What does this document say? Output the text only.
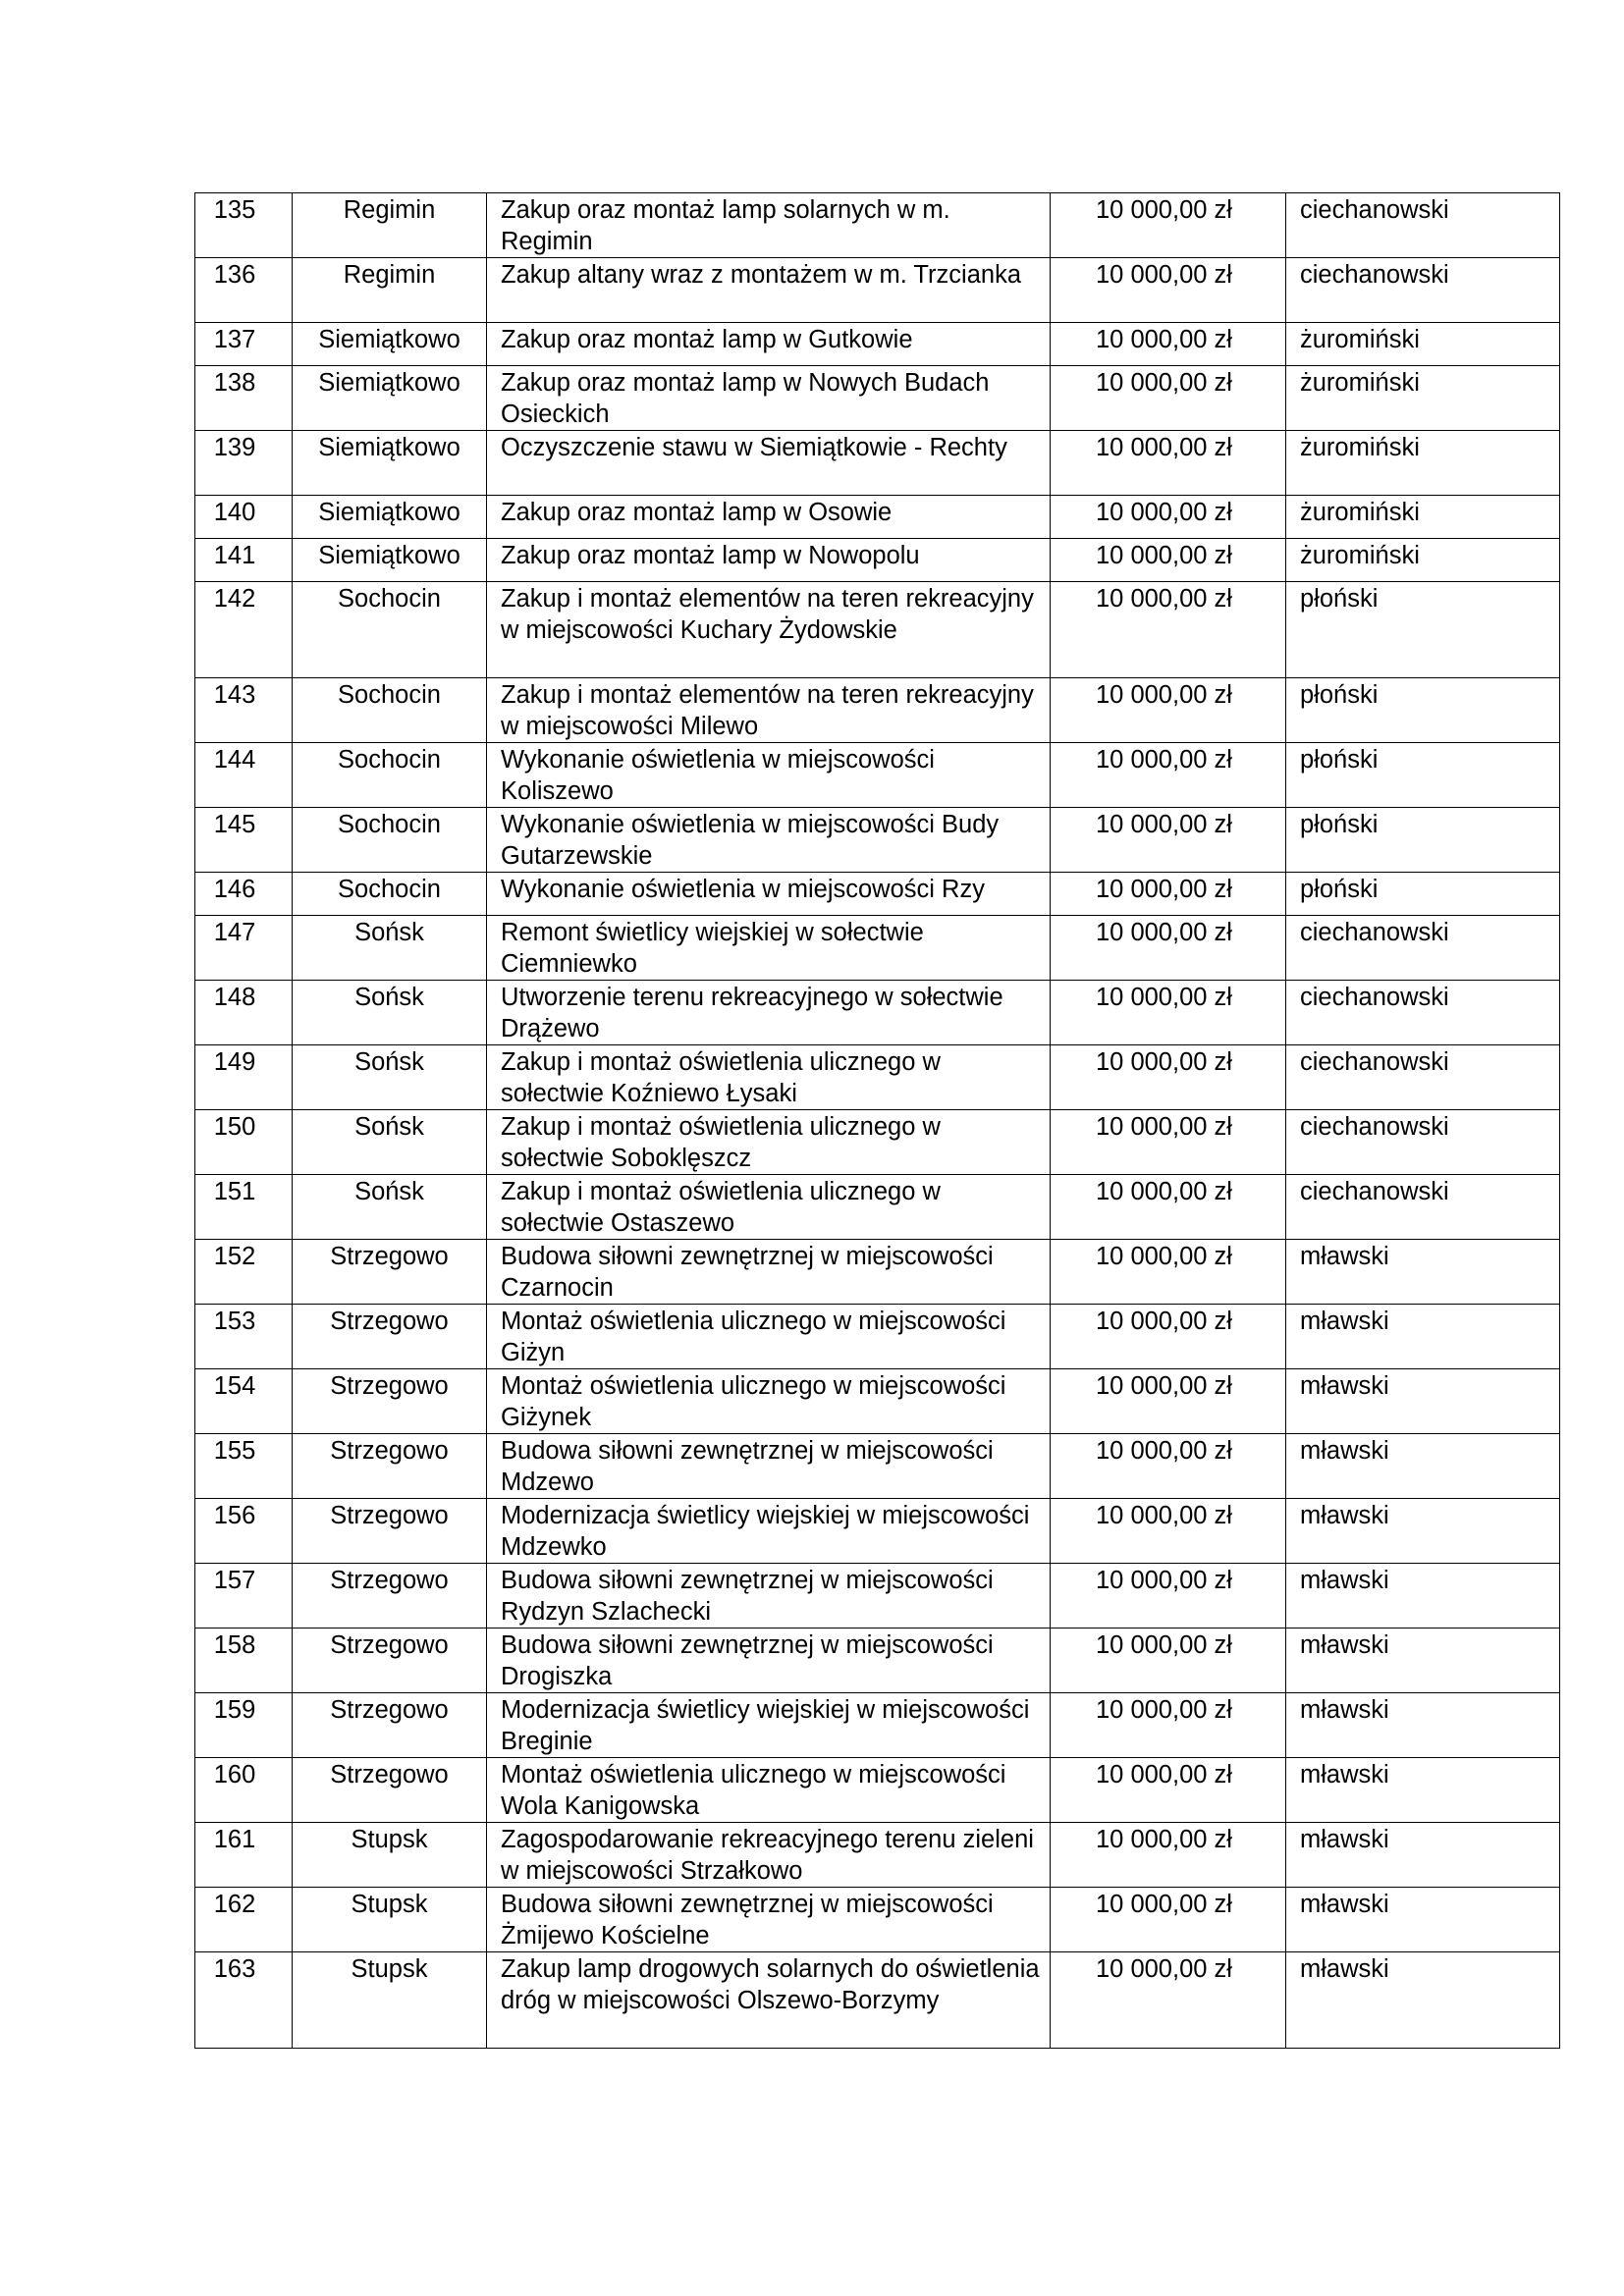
135	Regimin	Zakup oraz montaż lamp solarnych w m. Regimin	10 000,00 zł	ciechanowski
136	Regimin	Zakup altany wraz z montażem w m. Trzcianka	10 000,00 zł	ciechanowski
137	Siemiątkowo	Zakup oraz montaż lamp w Gutkowie	10 000,00 zł	żuromiński
138	Siemiątkowo	Zakup oraz montaż lamp w Nowych Budach Osieckich	10 000,00 zł	żuromiński
139	Siemiątkowo	Oczyszczenie stawu w Siemiątkowie - Rechty	10 000,00 zł	żuromiński
140	Siemiątkowo	Zakup oraz montaż lamp w Osowie	10 000,00 zł	żuromiński
141	Siemiątkowo	Zakup oraz montaż lamp w Nowopolu	10 000,00 zł	żuromiński
142	Sochocin	Zakup i montaż elementów na teren rekreacyjny w miejscowości Kuchary Żydowskie	10 000,00 zł	płoński
143	Sochocin	Zakup i montaż elementów na teren rekreacyjny w miejscowości Milewo	10 000,00 zł	płoński
144	Sochocin	Wykonanie oświetlenia w miejscowości Koliszewo	10 000,00 zł	płoński
145	Sochocin	Wykonanie oświetlenia w miejscowości Budy Gutarzewskie	10 000,00 zł	płoński
146	Sochocin	Wykonanie oświetlenia w miejscowości Rzy	10 000,00 zł	płoński
147	Sońsk	Remont świetlicy wiejskiej w sołectwie Ciemniewko	10 000,00 zł	ciechanowski
148	Sońsk	Utworzenie terenu rekreacyjnego w sołectwie Drążewo	10 000,00 zł	ciechanowski
149	Sońsk	Zakup i montaż oświetlenia ulicznego w sołectwie Koźniewo Łysaki	10 000,00 zł	ciechanowski
150	Sońsk	Zakup i montaż oświetlenia ulicznego w sołectwie Soboklęszcz	10 000,00 zł	ciechanowski
151	Sońsk	Zakup i montaż oświetlenia ulicznego w sołectwie Ostaszewo	10 000,00 zł	ciechanowski
152	Strzegowo	Budowa siłowni zewnętrznej w miejscowości Czarnocin	10 000,00 zł	mławski
153	Strzegowo	Montaż oświetlenia ulicznego w miejscowości Giżyn	10 000,00 zł	mławski
154	Strzegowo	Montaż oświetlenia ulicznego w miejscowości Giżynek	10 000,00 zł	mławski
155	Strzegowo	Budowa siłowni zewnętrznej w miejscowości Mdzewo	10 000,00 zł	mławski
156	Strzegowo	Modernizacja świetlicy wiejskiej w miejscowości Mdzewko	10 000,00 zł	mławski
157	Strzegowo	Budowa siłowni zewnętrznej w miejscowości Rydzyn Szlachecki	10 000,00 zł	mławski
158	Strzegowo	Budowa siłowni zewnętrznej w miejscowości Drogiszka	10 000,00 zł	mławski
159	Strzegowo	Modernizacja świetlicy wiejskiej w miejscowości Breginie	10 000,00 zł	mławski
160	Strzegowo	Montaż oświetlenia ulicznego w miejscowości Wola Kanigowska	10 000,00 zł	mławski
161	Stupsk	Zagospodarowanie rekreacyjnego terenu zieleni w miejscowości Strzałkowo	10 000,00 zł	mławski
162	Stupsk	Budowa siłowni zewnętrznej w miejscowości Żmijewo Kościelne	10 000,00 zł	mławski
163	Stupsk	Zakup lamp drogowych solarnych do oświetlenia dróg w miejscowości Olszewo-Borzymy	10 000,00 zł	mławski
